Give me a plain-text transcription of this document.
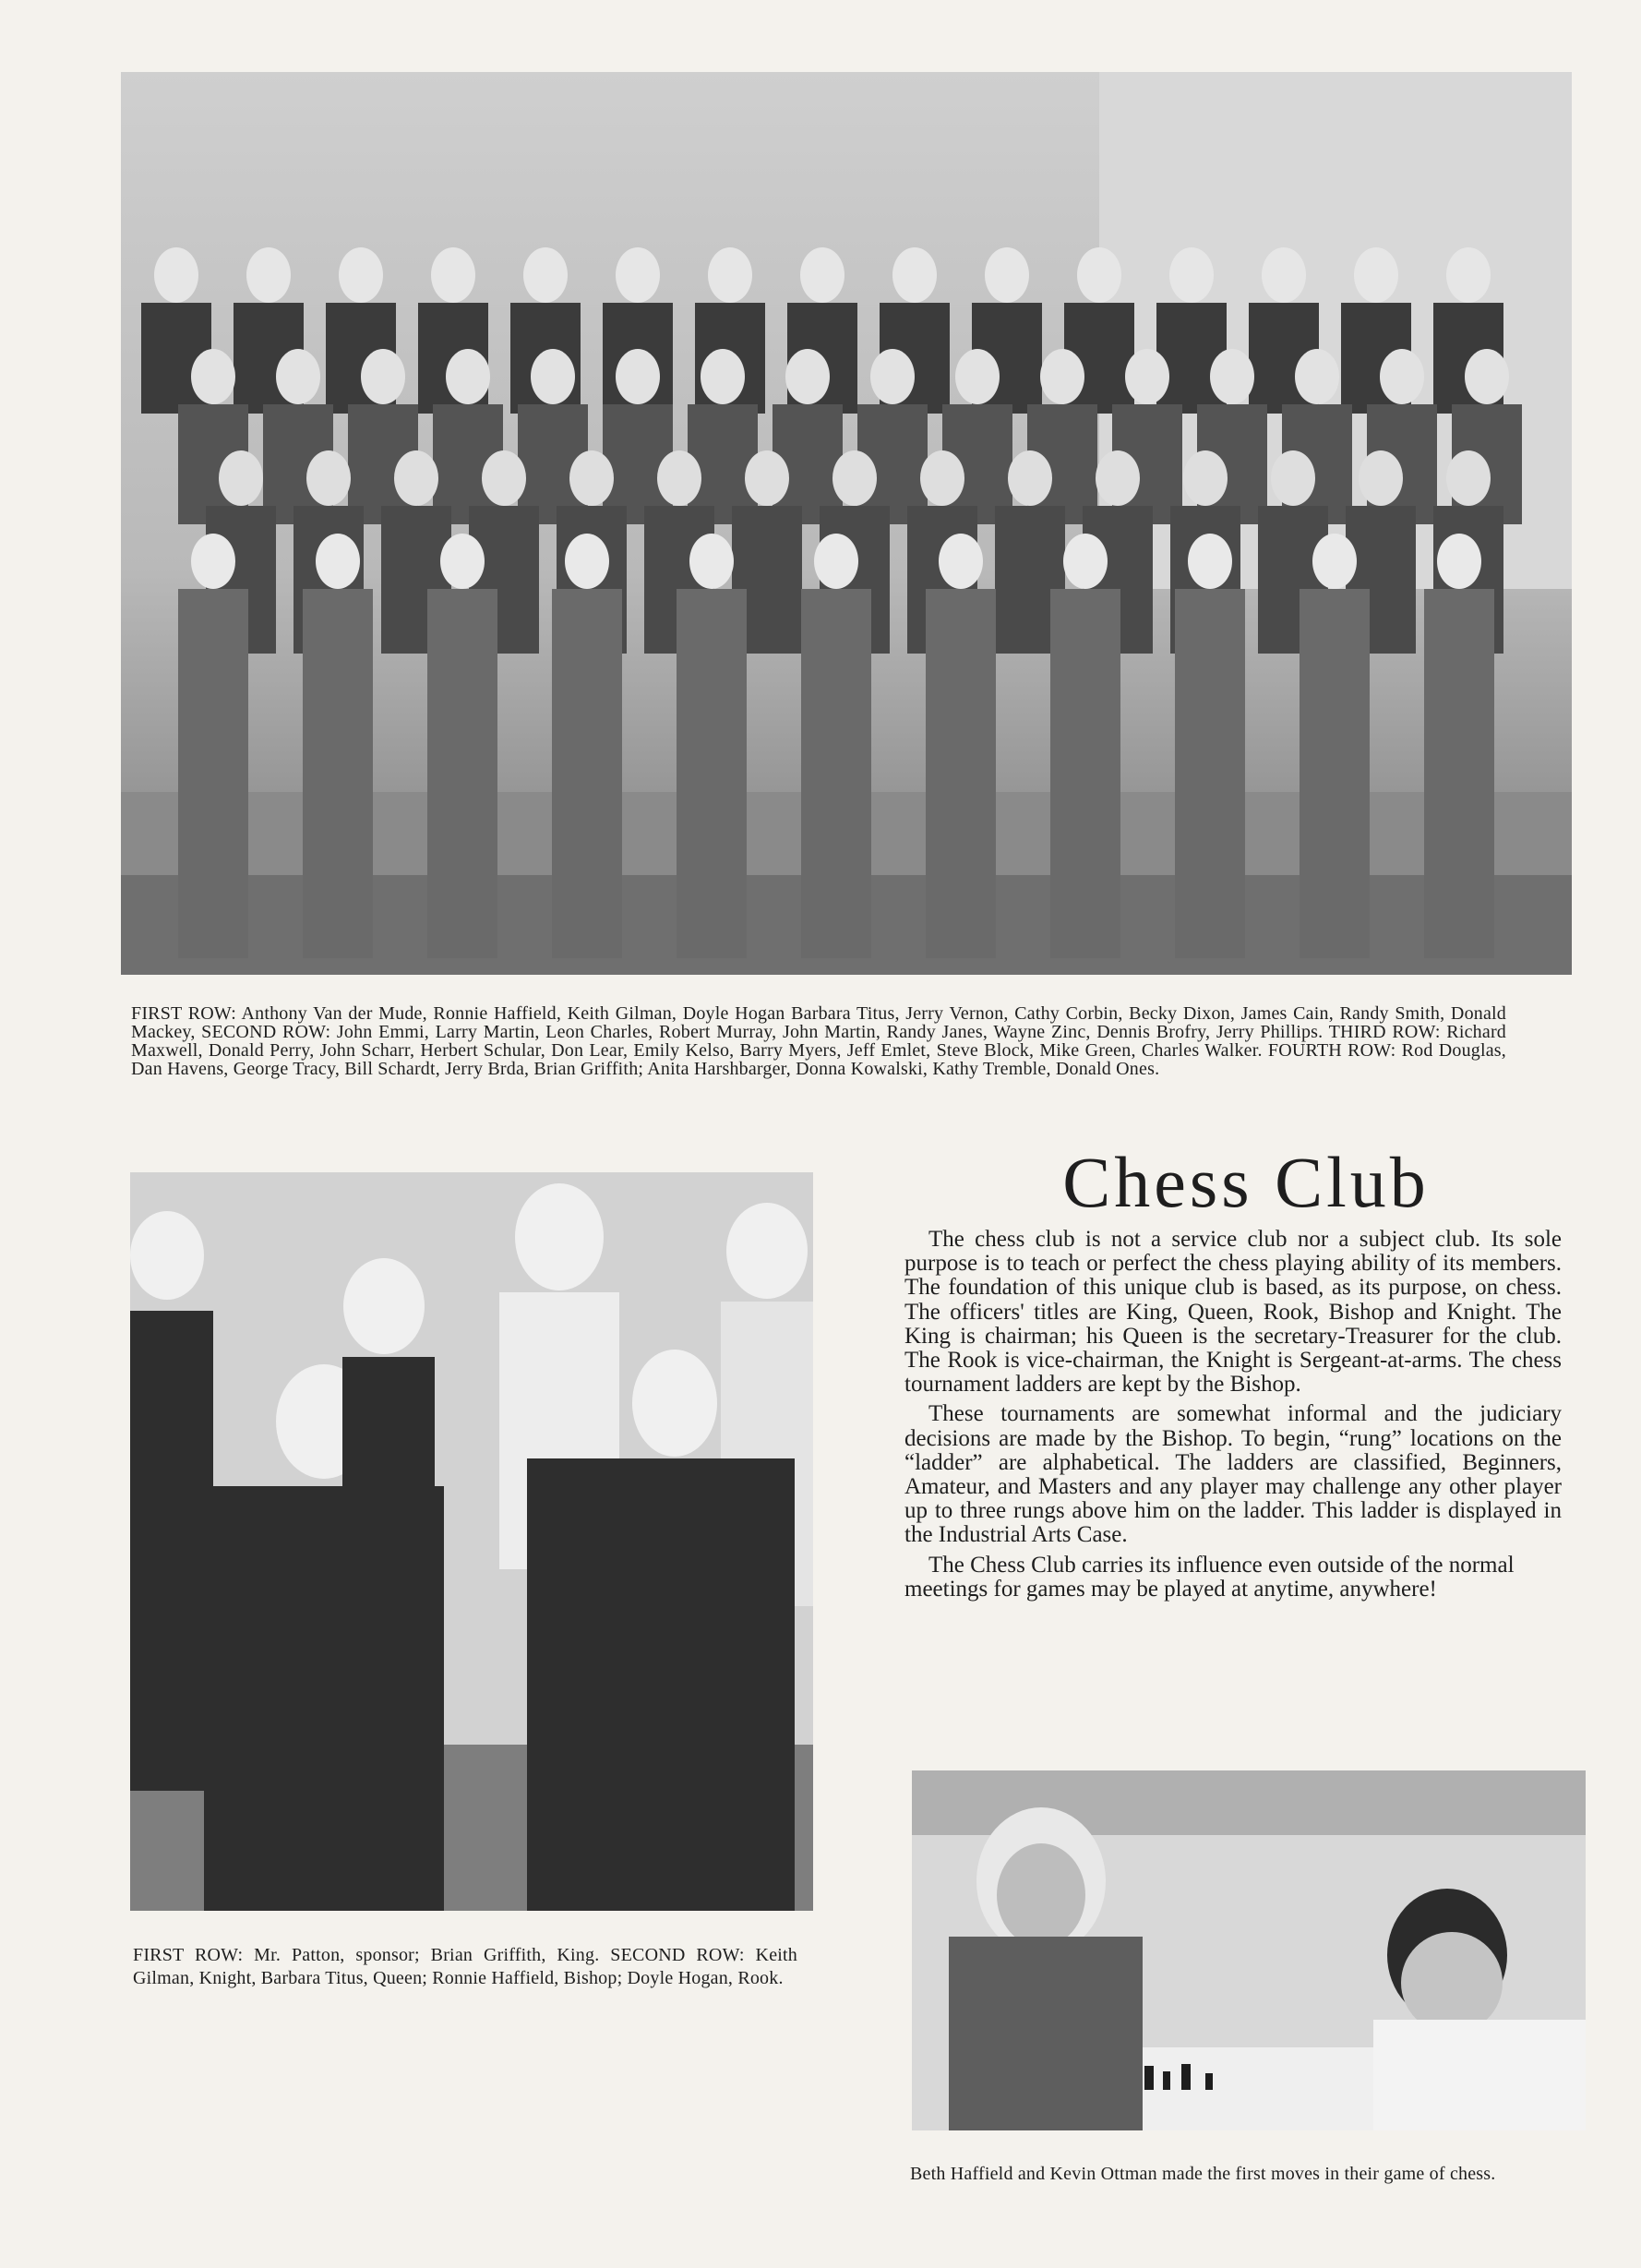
FIRST ROW: Anthony Van der Mude, Ronnie Haffield, Keith Gilman, Doyle Hogan Barbara Titus, Jerry Vernon, Cathy Corbin, Becky Dixon, James Cain, Randy Smith, Donald Mackey, SECOND ROW: John Emmi, Larry Martin, Leon Charles, Robert Murray, John Martin, Randy Janes, Wayne Zinc, Dennis Brofry, Jerry Phillips. THIRD ROW: Richard Maxwell, Donald Perry, John Scharr, Herbert Schular, Don Lear, Emily Kelso, Barry Myers, Jeff Emlet, Steve Block, Mike Green, Charles Walker. FOURTH ROW: Rod Douglas, Dan Havens, George Tracy, Bill Schardt, Jerry Brda, Brian Griffith; Anita Harshbarger, Donna Kowalski, Kathy Tremble, Donald Ones.
FIRST ROW: Mr. Patton, sponsor; Brian Griffith, King. SECOND ROW: Keith Gilman, Knight, Barbara Titus, Queen; Ronnie Haffield, Bishop; Doyle Hogan, Rook.
Chess Club

The chess club is not a service club nor a subject club. Its sole purpose is to teach or perfect the chess playing ability of its members. The foundation of this unique club is based, as its purpose, on chess. The officers' titles are King, Queen, Rook, Bishop and Knight. The King is chairman; his Queen is the secretary-Treasurer for the club. The Rook is vice-chairman, the Knight is Sergeant-at-arms. The chess tournament ladders are kept by the Bishop.

These tournaments are somewhat informal and the judiciary decisions are made by the Bishop. To begin, “rung” locations on the “ladder” are alphabetical. The ladders are classified, Beginners, Amateur, and Masters and any player may challenge any other player up to three rungs above him on the ladder. This ladder is displayed in the Industrial Arts Case.

The Chess Club carries its influence even outside of the normal meetings for games may be played at anytime, anywhere!

Beth Haffield and Kevin Ottman made the first moves in their game of chess.
